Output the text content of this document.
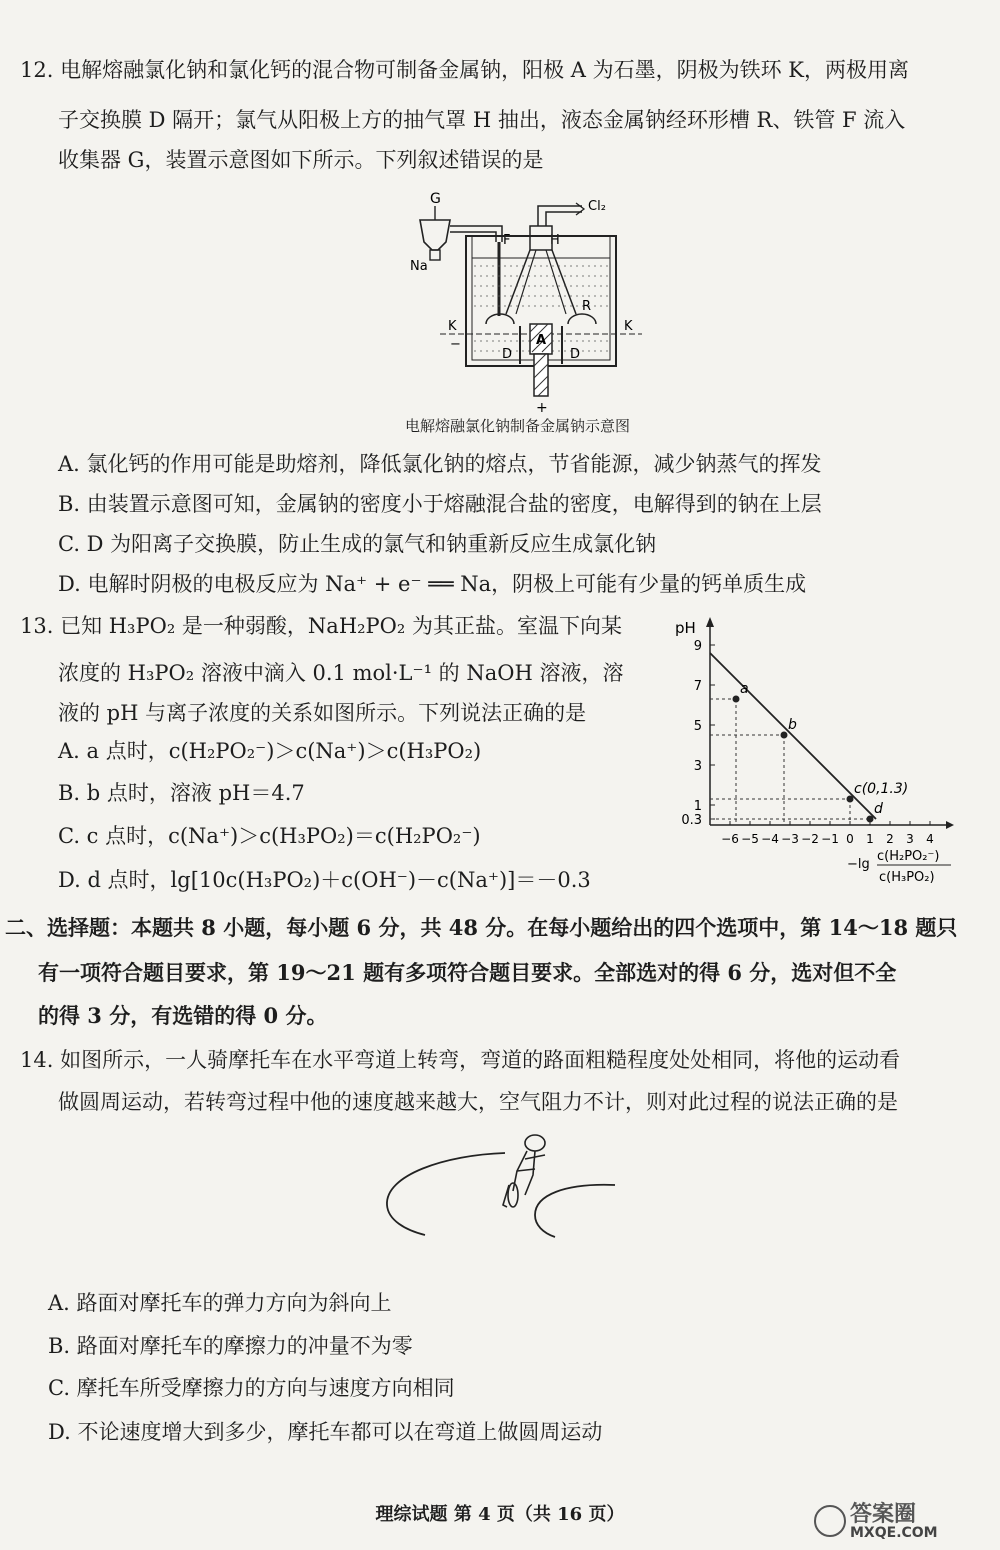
12. 电解熔融氯化钠和氯化钙的混合物可制备金属钠，阳极 A 为石墨，阴极为铁环 K，两极用离
子交换膜 D 隔开；氯气从阳极上方的抽气罩 H 抽出，液态金属钠经环形槽 R、铁管 F 流入
收集器 G，装置示意图如下所示。下列叙述错误的是
G
Na
F
Cl₂
H
R
K	K
−	A
D	D
+
电解熔融氯化钠制备金属钠示意图
A. 氯化钙的作用可能是助熔剂，降低氯化钠的熔点，节省能源，减少钠蒸气的挥发
B. 由装置示意图可知，金属钠的密度小于熔融混合盐的密度，电解得到的钠在上层
C. D 为阳离子交换膜，防止生成的氯气和钠重新反应生成氯化钠
D. 电解时阴极的电极反应为 Na⁺ + e⁻ ══ Na，阴极上可能有少量的钙单质生成
13. 已知 H₃PO₂ 是一种弱酸，NaH₂PO₂ 为其正盐。室温下向某
浓度的 H₃PO₂ 溶液中滴入 0.1 mol·L⁻¹ 的 NaOH 溶液，溶
液的 pH 与离子浓度的关系如图所示。下列说法正确的是
A. a 点时，c(H₂PO₂⁻)＞c(Na⁺)＞c(H₃PO₂)
B. b 点时，溶液 pH＝4.7
C. c 点时，c(Na⁺)＞c(H₃PO₂)＝c(H₂PO₂⁻)
D. d 点时，lg[10c(H₃PO₂)＋c(OH⁻)－c(Na⁺)]＝－0.3
0.3
1
3
5
7
9
−6 −5 −4 −3 −2 −1 0 1 2 3 4
a
b
c(0,1.3)
d
pH
−lg
c(H₂PO₂⁻)
c(H₃PO₂)
二、选择题：本题共 8 小题，每小题 6 分，共 48 分。在每小题给出的四个选项中，第 14～18 题只
有一项符合题目要求，第 19～21 题有多项符合题目要求。全部选对的得 6 分，选对但不全
的得 3 分，有选错的得 0 分。
14. 如图所示，一人骑摩托车在水平弯道上转弯，弯道的路面粗糙程度处处相同，将他的运动看
做圆周运动，若转弯过程中他的速度越来越大，空气阻力不计，则对此过程的说法正确的是
A. 路面对摩托车的弹力方向为斜向上
B. 路面对摩托车的摩擦力的冲量不为零
C. 摩托车所受摩擦力的方向与速度方向相同
D. 不论速度增大到多少，摩托车都可以在弯道上做圆周运动
理综试题 第 4 页（共 16 页）	答案圈
MXQE.COM
